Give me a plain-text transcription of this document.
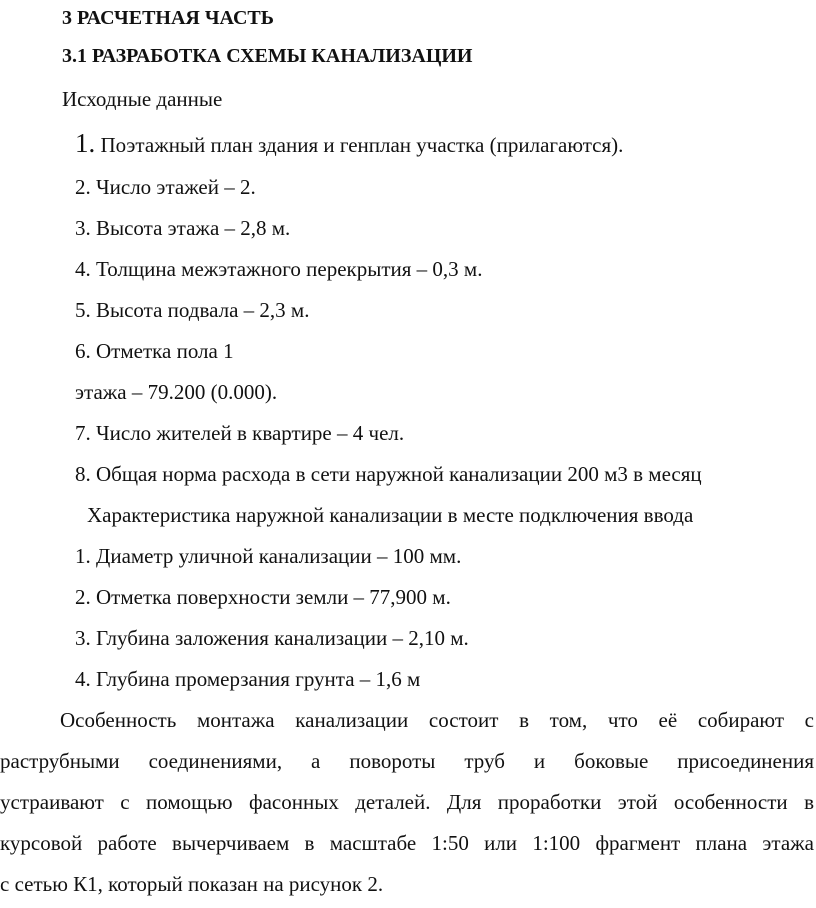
3 РАСЧЕТНАЯ ЧАСТЬ
3.1 РАЗРАБОТКА СХЕМЫ КАНАЛИЗАЦИИ
Исходные данные
1. Поэтажный план здания и генплан участка (прилагаются).
2. Число этажей – 2.
3. Высота этажа – 2,8 м.
4. Толщина межэтажного перекрытия – 0,3 м.
5. Высота подвала – 2,3 м.
6. Отметка пола 1
этажа – 79.200 (0.000).
7. Число жителей в квартире – 4 чел.
8. Общая норма расхода в сети наружной канализации 200 м3 в месяц
Характеристика наружной канализации в месте подключения ввода
1. Диаметр уличной канализации – 100 мм.
2. Отметка поверхности земли – 77,900 м.
3. Глубина заложения канализации – 2,10 м.
4. Глубина промерзания грунта – 1,6 м
Особенность монтажа канализации состоит в том, что её собирают с
раструбными соединениями, а повороты труб и боковые присоединения
устраивают с помощью фасонных деталей. Для проработки этой особенности в
курсовой работе вычерчиваем в масштабе 1:50 или 1:100 фрагмент плана этажа
с сетью К1, который показан на рисунок 2.
